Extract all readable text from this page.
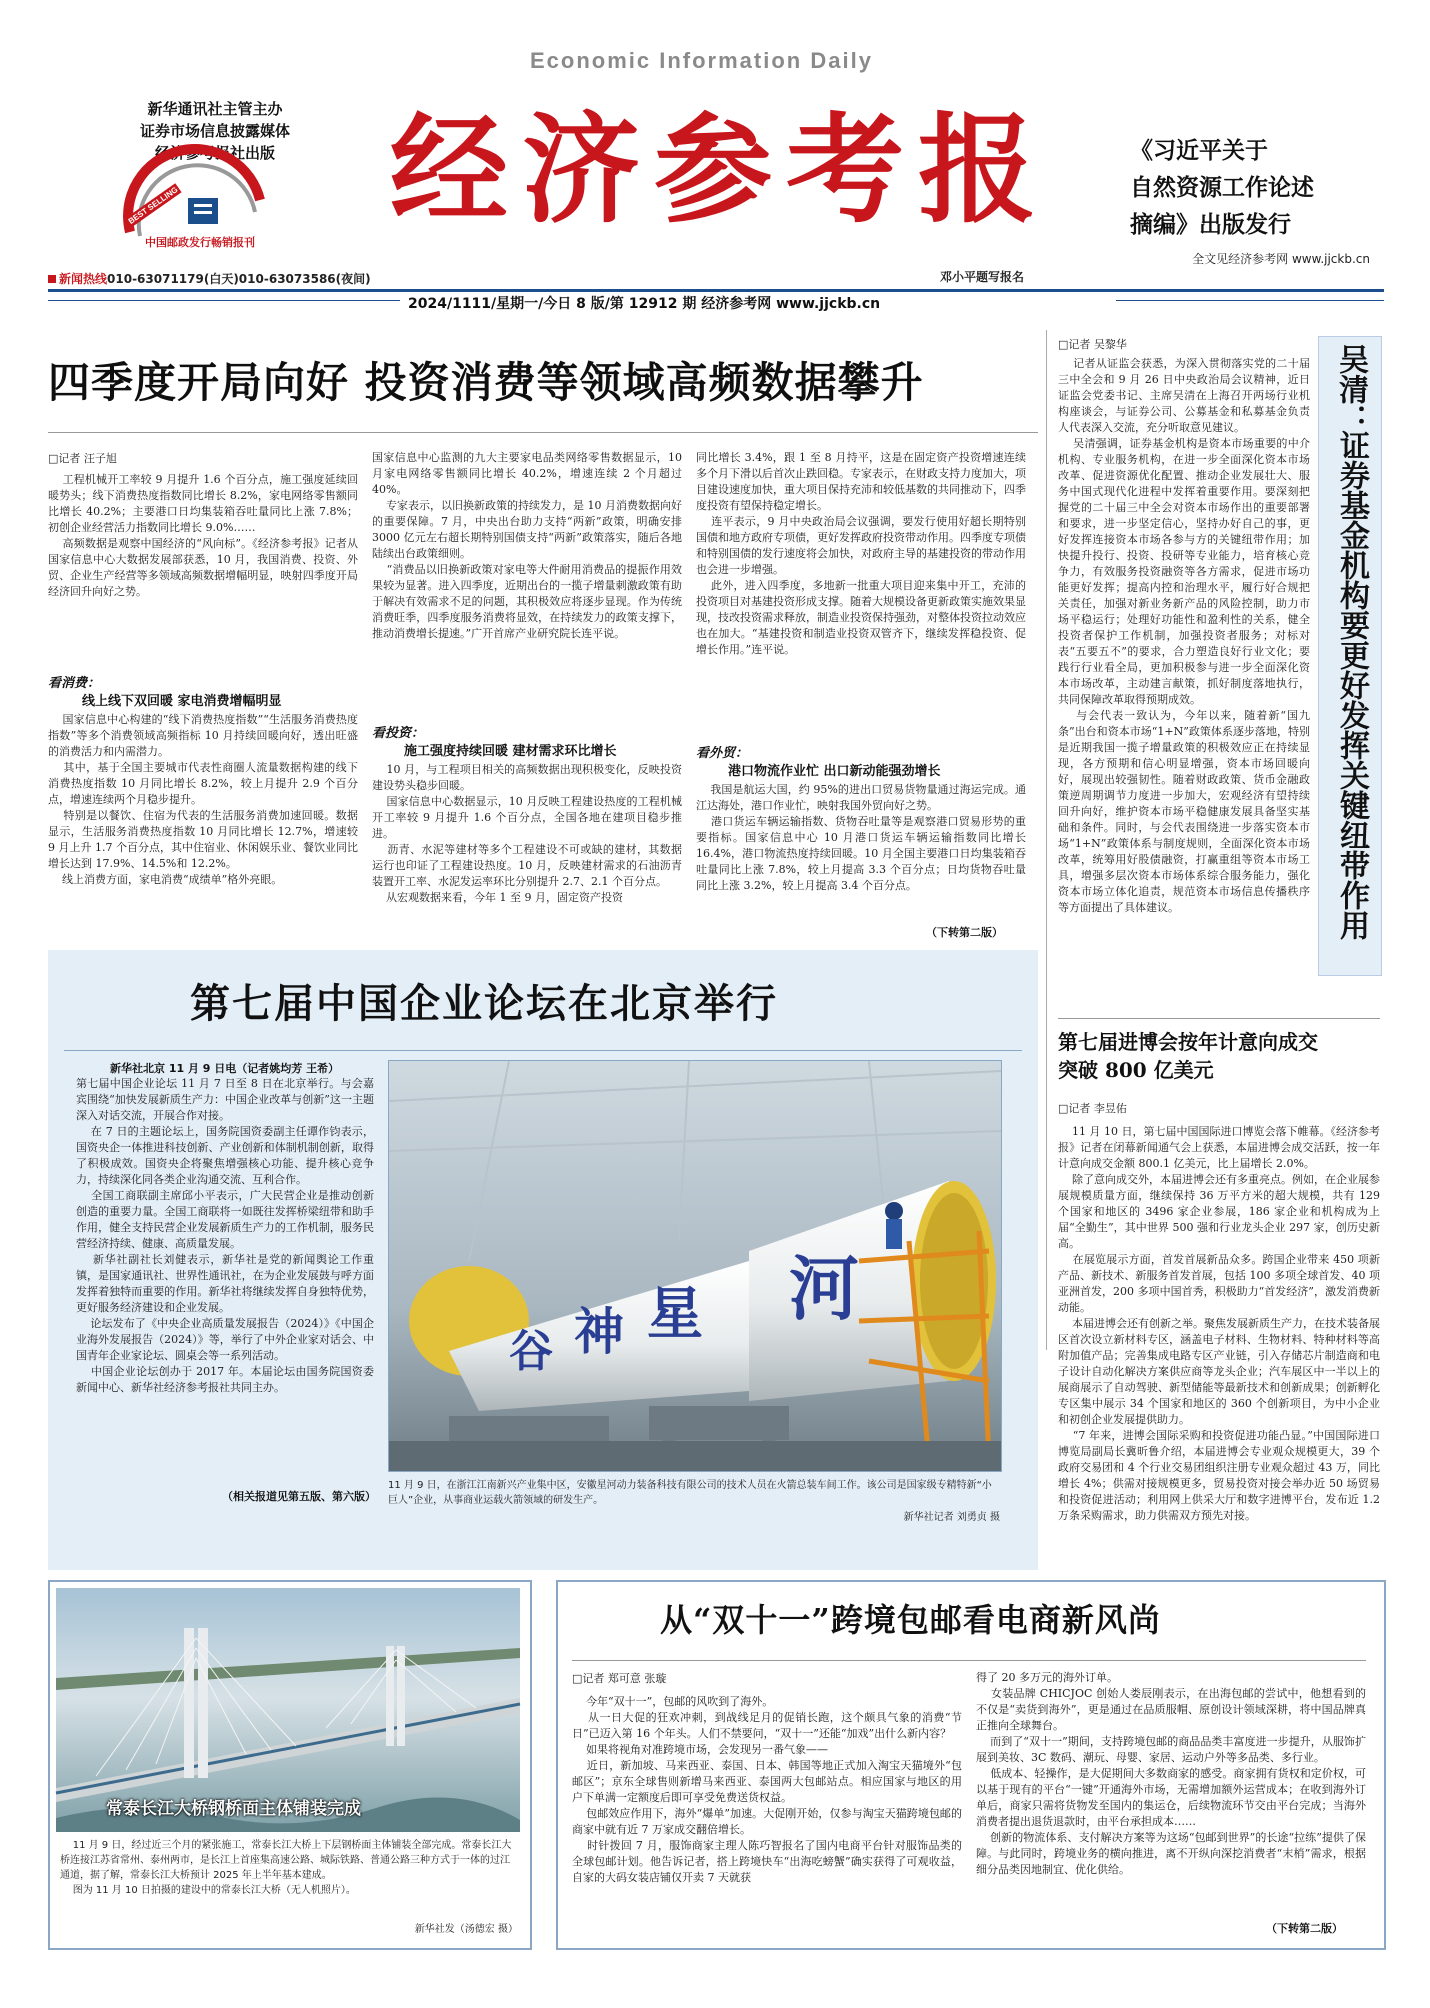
Economic Information Daily
新华通讯社主管主办
证券市场信息披露媒体
经济参考报社出版
BEST SELLING
中国邮政发行畅销报刊
经济参考报
邓小平题写报名
《习近平关于
自然资源工作论述
摘编》出版发行
全文见经济参考网 www.jjckb.cn
新闻热线010-63071179(白天)010-63073586(夜间)
2024/1111/星期一/今日 8 版/第 12912 期 经济参考网 www.jjckb.cn
四季度开局向好 投资消费等领域高频数据攀升
□记者 汪子旭
工程机械开工率较 9 月提升 1.6 个百分点，施工强度延续回暖势头；线下消费热度指数同比增长 8.2%，家电网络零售额同比增长 40.2%；主要港口日均集装箱吞吐量同比上涨 7.8%；初创企业经营活力指数同比增长 9.0%……
高频数据是观察中国经济的“风向标”。《经济参考报》记者从国家信息中心大数据发展部获悉，10 月，我国消费、投资、外贸、企业生产经营等多领域高频数据增幅明显，映射四季度开局经济回升向好之势。
看消费：
线上线下双回暖 家电消费增幅明显
国家信息中心构建的“线下消费热度指数”“生活服务消费热度指数”等多个消费领域高频指标 10 月持续回暖向好，透出旺盛的消费活力和内需潜力。
其中，基于全国主要城市代表性商圈人流量数据构建的线下消费热度指数 10 月同比增长 8.2%，较上月提升 2.9 个百分点，增速连续两个月稳步提升。
特别是以餐饮、住宿为代表的生活服务消费加速回暖。数据显示，生活服务消费热度指数 10 月同比增长 12.7%，增速较 9 月上升 1.7 个百分点，其中住宿业、休闲娱乐业、餐饮业同比增长达到 17.9%、14.5%和 12.2%。
线上消费方面，家电消费“成绩单”格外亮眼。
国家信息中心监测的九大主要家电品类网络零售数据显示，10 月家电网络零售额同比增长 40.2%，增速连续 2 个月超过 40%。
专家表示，以旧换新政策的持续发力，是 10 月消费数据向好的重要保障。7 月，中央出台助力支持“两新”政策，明确安排 3000 亿元左右超长期特别国债支持“两新”政策落实，随后各地陆续出台政策细则。
“消费品以旧换新政策对家电等大件耐用消费品的提振作用效果较为显著。进入四季度，近期出台的一揽子增量刺激政策有助于解决有效需求不足的问题，其积极效应将逐步显现。作为传统消费旺季，四季度服务消费将显效，在持续发力的政策支撑下，推动消费增长提速。”广开首席产业研究院长连平说。
看投资：
施工强度持续回暖 建材需求环比增长
10 月，与工程项目相关的高频数据出现积极变化，反映投资建设势头稳步回暖。
国家信息中心数据显示，10 月反映工程建设热度的工程机械开工率较 9 月提升 1.6 个百分点，全国各地在建项目稳步推进。
沥青、水泥等建材等多个工程建设不可或缺的建材，其数据运行也印证了工程建设热度。10 月，反映建材需求的石油沥青装置开工率、水泥发运率环比分别提升 2.7、2.1 个百分点。
从宏观数据来看，今年 1 至 9 月，固定资产投资
同比增长 3.4%，跟 1 至 8 月持平，这是在固定资产投资增速连续多个月下滑以后首次止跌回稳。专家表示，在财政支持力度加大，项目建设速度加快，重大项目保持充沛和较低基数的共同推动下，四季度投资有望保持稳定增长。
连平表示，9 月中央政治局会议强调，要发行使用好超长期特别国债和地方政府专项债，更好发挥政府投资带动作用。四季度专项债和特别国债的发行速度将会加快，对政府主导的基建投资的带动作用也会进一步增强。
此外，进入四季度，多地新一批重大项目迎来集中开工，充沛的投资项目对基建投资形成支撑。随着大规模设备更新政策实施效果显现，技改投资需求释放，制造业投资保持强劲，对整体投资拉动效应也在加大。“基建投资和制造业投资双管齐下，继续发挥稳投资、促增长作用。”连平说。
看外贸：
港口物流作业忙 出口新动能强劲增长
我国是航运大国，约 95%的进出口贸易货物量通过海运完成。通江达海处，港口作业忙，映射我国外贸向好之势。
港口货运车辆运输指数、货物吞吐量等是观察港口贸易形势的重要指标。国家信息中心 10 月港口货运车辆运输指数同比增长 16.4%，港口物流热度持续回暖。10 月全国主要港口日均集装箱吞吐量同比上涨 7.8%，较上月提高 3.3 个百分点；日均货物吞吐量同比上涨 3.2%，较上月提高 3.4 个百分点。
（下转第二版）
□记者 吴黎华	吴清：
证券基金机构要更好发挥关键纽带作用
记者从证监会获悉，为深入贯彻落实党的二十届三中全会和 9 月 26 日中央政治局会议精神，近日证监会党委书记、主席吴清在上海召开两场行业机构座谈会，与证券公司、公募基金和私募基金负责人代表深入交流，充分听取意见建议。
吴清强调，证券基金机构是资本市场重要的中介机构、专业服务机构，在进一步全面深化资本市场改革、促进资源优化配置、推动企业发展壮大、服务中国式现代化进程中发挥着重要作用。要深刻把握党的二十届三中全会对资本市场作出的重要部署和要求，进一步坚定信心，坚持办好自己的事，更好发挥连接资本市场各参与方的关键纽带作用；加快提升投行、投资、投研等专业能力，培育核心竞争力，有效服务投资融资等各方需求，促进市场功能更好发挥；提高内控和治理水平，履行好合规把关责任，加强对新业务新产品的风险控制，助力市场平稳运行；处理好功能性和盈利性的关系，健全投资者保护工作机制，加强投资者服务；对标对表“五要五不”的要求，合力塑造良好行业文化；要践行行业看全局，更加积极参与进一步全面深化资本市场改革，主动建言献策，抓好制度落地执行，共同保障改革取得预期成效。
与会代表一致认为，今年以来，随着新“国九条”出台和资本市场“1+N”政策体系逐步落地，特别是近期我国一揽子增量政策的积极效应正在持续显现，各方预期和信心明显增强，资本市场回暖向好，展现出较强韧性。随着财政政策、货币金融政策逆周期调节力度进一步加大，宏观经济有望持续回升向好，维护资本市场平稳健康发展具备坚实基础和条件。同时，与会代表围绕进一步落实资本市场“1+N”政策体系与制度规则，全面深化资本市场改革，统筹用好股债融资，打赢重组等资本市场工具，增强多层次资本市场体系综合服务能力，强化资本市场立体化追责，规范资本市场信息传播秩序等方面提出了具体建议。
第七届进博会按年计意向成交
突破 800 亿美元
□记者 李昱佑
11 月 10 日，第七届中国国际进口博览会落下帷幕。《经济参考报》记者在闭幕新闻通气会上获悉，本届进博会成交活跃，按一年计意向成交金额 800.1 亿美元，比上届增长 2.0%。
除了意向成交外，本届进博会还有多重亮点。例如，在企业展参展规模质量方面，继续保持 36 万平方米的超大规模，共有 129 个国家和地区的 3496 家企业参展，186 家企业和机构成为上届“全勤生”，其中世界 500 强和行业龙头企业 297 家，创历史新高。
在展览展示方面，首发首展新品众多。跨国企业带来 450 项新产品、新技术、新服务首发首展，包括 100 多项全球首发、40 项亚洲首发，200 多项中国首秀，积极助力“首发经济”，激发消费新动能。
本届进博会还有创新之举。聚焦发展新质生产力，在技术装备展区首次设立新材料专区，涵盖电子材料、生物材料、特种材料等高附加值产品；完善集成电路专区产业链，引入存储芯片制造商和电子设计自动化解决方案供应商等龙头企业；汽车展区中一半以上的展商展示了自动驾驶、新型储能等最新技术和创新成果；创新孵化专区集中展示 34 个国家和地区的 360 个创新项目，为中小企业和初创企业发展提供助力。
“7 年来，进博会国际采购和投资促进功能凸显。”中国国际进口博览局副局长冀昕鲁介绍，本届进博会专业观众规模更大，39 个政府交易团和 4 个行业交易团组织注册专业观众超过 43 万，同比增长 4%；供需对接规模更多，贸易投资对接会举办近 50 场贸易和投资促进活动；利用网上供采大厅和数字进博平台，发布近 1.2 万条采购需求，助力供需双方预先对接。
第七届中国企业论坛在北京举行
新华社北京 11 月 9 日电（记者姚均芳 王希）
第七届中国企业论坛 11 月 7 日至 8 日在北京举行。与会嘉宾围绕“加快发展新质生产力：中国企业改革与创新”这一主题深入对话交流，开展合作对接。
在 7 日的主题论坛上，国务院国资委副主任谭作钧表示，国资央企一体推进科技创新、产业创新和体制机制创新，取得了积极成效。国资央企将聚焦增强核心功能、提升核心竞争力，持续深化同各类企业沟通交流、互利合作。
全国工商联副主席邱小平表示，广大民营企业是推动创新创造的重要力量。全国工商联将一如既往发挥桥梁纽带和助手作用，健全支持民营企业发展新质生产力的工作机制，服务民营经济持续、健康、高质量发展。
新华社副社长刘健表示，新华社是党的新闻舆论工作重镇，是国家通讯社、世界性通讯社，在为企业发展鼓与呼方面发挥着独特而重要的作用。新华社将继续发挥自身独特优势，更好服务经济建设和企业发展。
论坛发布了《中央企业高质量发展报告（2024）》《中国企业海外发展报告（2024）》等，举行了中外企业家对话会、中国青年企业家论坛、圆桌会等一系列活动。
中国企业论坛创办于 2017 年。本届论坛由国务院国资委新闻中心、新华社经济参考报社共同主办。
（相关报道见第五版、第六版）
谷 神 星 河
11 月 9 日，在浙江江南新兴产业集中区，安徽星河动力装备科技有限公司的技术人员在火箭总装车间工作。该公司是国家级专精特新“小巨人”企业，从事商业运载火箭领域的研发生产。
新华社记者 刘勇贞 摄
常泰长江大桥钢桥面主体铺装完成
11 月 9 日，经过近三个月的紧张施工，常泰长江大桥上下层钢桥面主体铺装全部完成。常泰长江大桥连接江苏省常州、泰州两市，是长江上首座集高速公路、城际铁路、普通公路三种方式于一体的过江通道，据了解，常泰长江大桥预计 2025 年上半年基本建成。
图为 11 月 10 日拍摄的建设中的常泰长江大桥（无人机照片）。
新华社发（汤德宏 摄）
从“双十一”跨境包邮看电商新风尚
□记者 郑可意 张璇
今年“双十一”，包邮的风吹到了海外。
从一日大促的狂欢冲刺，到战线足月的促销长跑，这个颇具气象的消费“节日”已迈入第 16 个年头。人们不禁要问，“双十一”还能“加戏”出什么新内容？
如果将视角对准跨境市场，会发现另一番气象——
近日，新加坡、马来西亚、泰国、日本、韩国等地正式加入淘宝天猫境外“包邮区”；京东全球售则新增马来西亚、泰国两大包邮站点。相应国家与地区的用户下单满一定额度后即可享受免费送货权益。
包邮效应作用下，海外“爆单”加速。大促刚开始，仅参与淘宝天猫跨境包邮的商家中就有近 7 万家成交翻倍增长。
时针拨回 7 月，服饰商家主理人陈巧智报名了国内电商平台针对服饰品类的全球包邮计划。他告诉记者，搭上跨境快车“出海吃螃蟹”确实获得了可观收益，自家的大码女装店铺仅开卖 7 天就获
得了 20 多万元的海外订单。
女装品牌 CHICJOC 创始人娄辰刚表示，在出海包邮的尝试中，他想看到的不仅是“卖货到海外”，更是通过在品质服帽、原创设计领域深耕，将中国品牌真正推向全球舞台。
而到了“双十一”期间，支持跨境包邮的商品品类丰富度进一步提升，从服饰扩展到美妆、3C 数码、潮玩、母婴、家居、运动户外等多品类、多行业。
低成本、轻操作，是大促期间大多数商家的感受。商家拥有货权和定价权，可以基于现有的平台“一键”开通海外市场，无需增加额外运营成本；在收到海外订单后，商家只需将货物发至国内的集运仓，后续物流环节交由平台完成；当海外消费者提出退货退款时，由平台承担成本……
创新的物流体系、支付解决方案等为这场“包邮到世界”的长途“拉练”提供了保障。与此同时，跨境业务的横向推进，离不开纵向深挖消费者“末梢”需求，根据细分品类因地制宜、优化供给。
（下转第二版）
